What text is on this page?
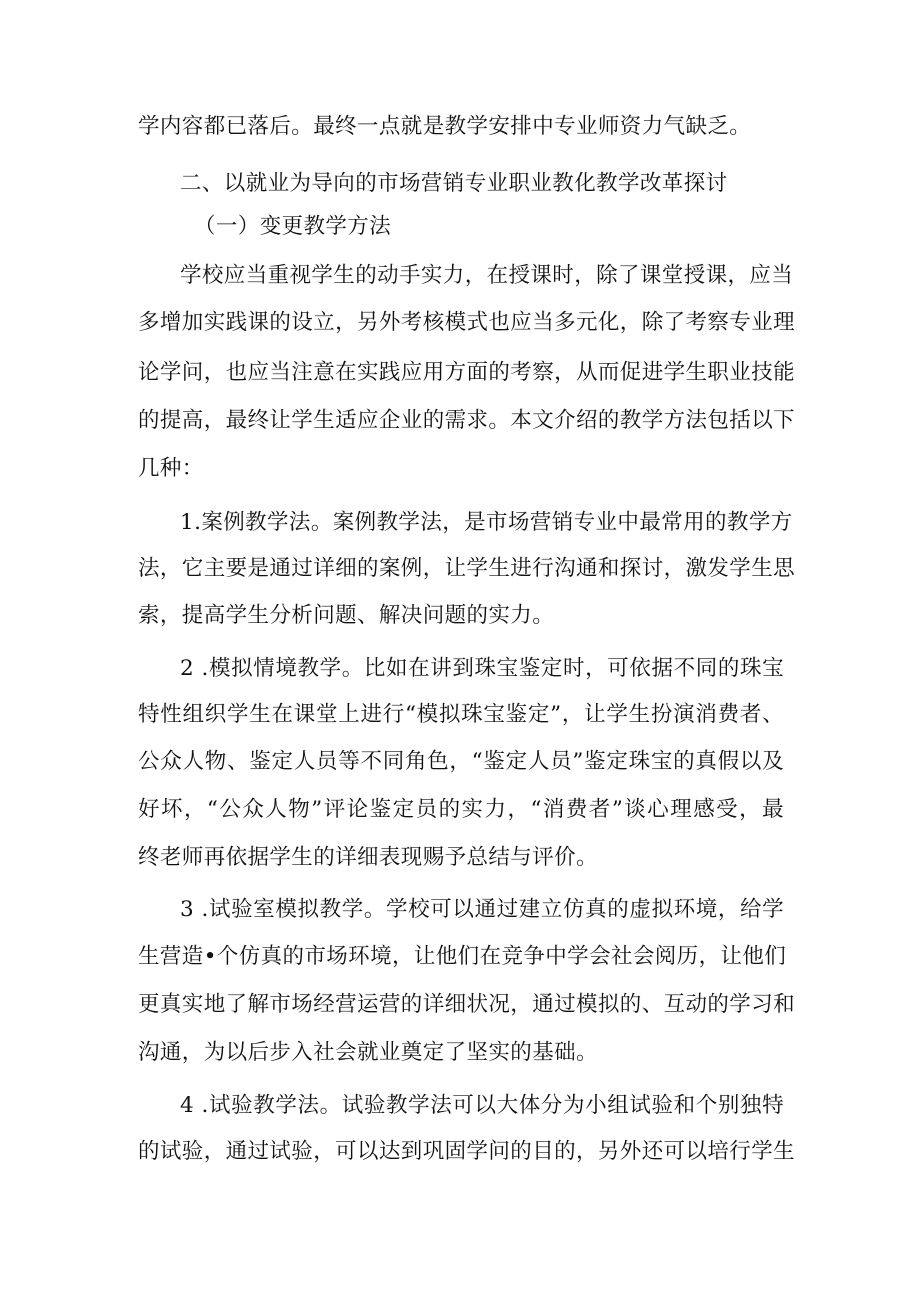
学内容都已落后。最终一点就是教学安排中专业师资力气缺乏。
二、以就业为导向的市场营销专业职业教化教学改革探讨
（一）变更教学方法
学校应当重视学生的动手实力，在授课时，除了课堂授课，应当
多增加实践课的设立，另外考核模式也应当多元化，除了考察专业理
论学问，也应当注意在实践应用方面的考察，从而促进学生职业技能
的提高，最终让学生适应企业的需求。本文介绍的教学方法包括以下
几种：
1.案例教学法。案例教学法，是市场营销专业中最常用的教学方
法，它主要是通过详细的案例，让学生进行沟通和探讨，激发学生思
索，提高学生分析问题、解决问题的实力。
2 .模拟情境教学。比如在讲到珠宝鉴定时，可依据不同的珠宝
特性组织学生在课堂上进行“模拟珠宝鉴定”，让学生扮演消费者、
公众人物、鉴定人员等不同角色，“鉴定人员”鉴定珠宝的真假以及
好坏，“公众人物”评论鉴定员的实力，“消费者”谈心理感受，最
终老师再依据学生的详细表现赐予总结与评价。
3 .试验室模拟教学。学校可以通过建立仿真的虚拟环境，给学
生营造•个仿真的市场环境，让他们在竞争中学会社会阅历，让他们
更真实地了解市场经营运营的详细状况，通过模拟的、互动的学习和
沟通，为以后步入社会就业奠定了坚实的基础。
4 .试验教学法。试验教学法可以大体分为小组试验和个别独特
的试验，通过试验，可以达到巩固学问的目的，另外还可以培行学生
